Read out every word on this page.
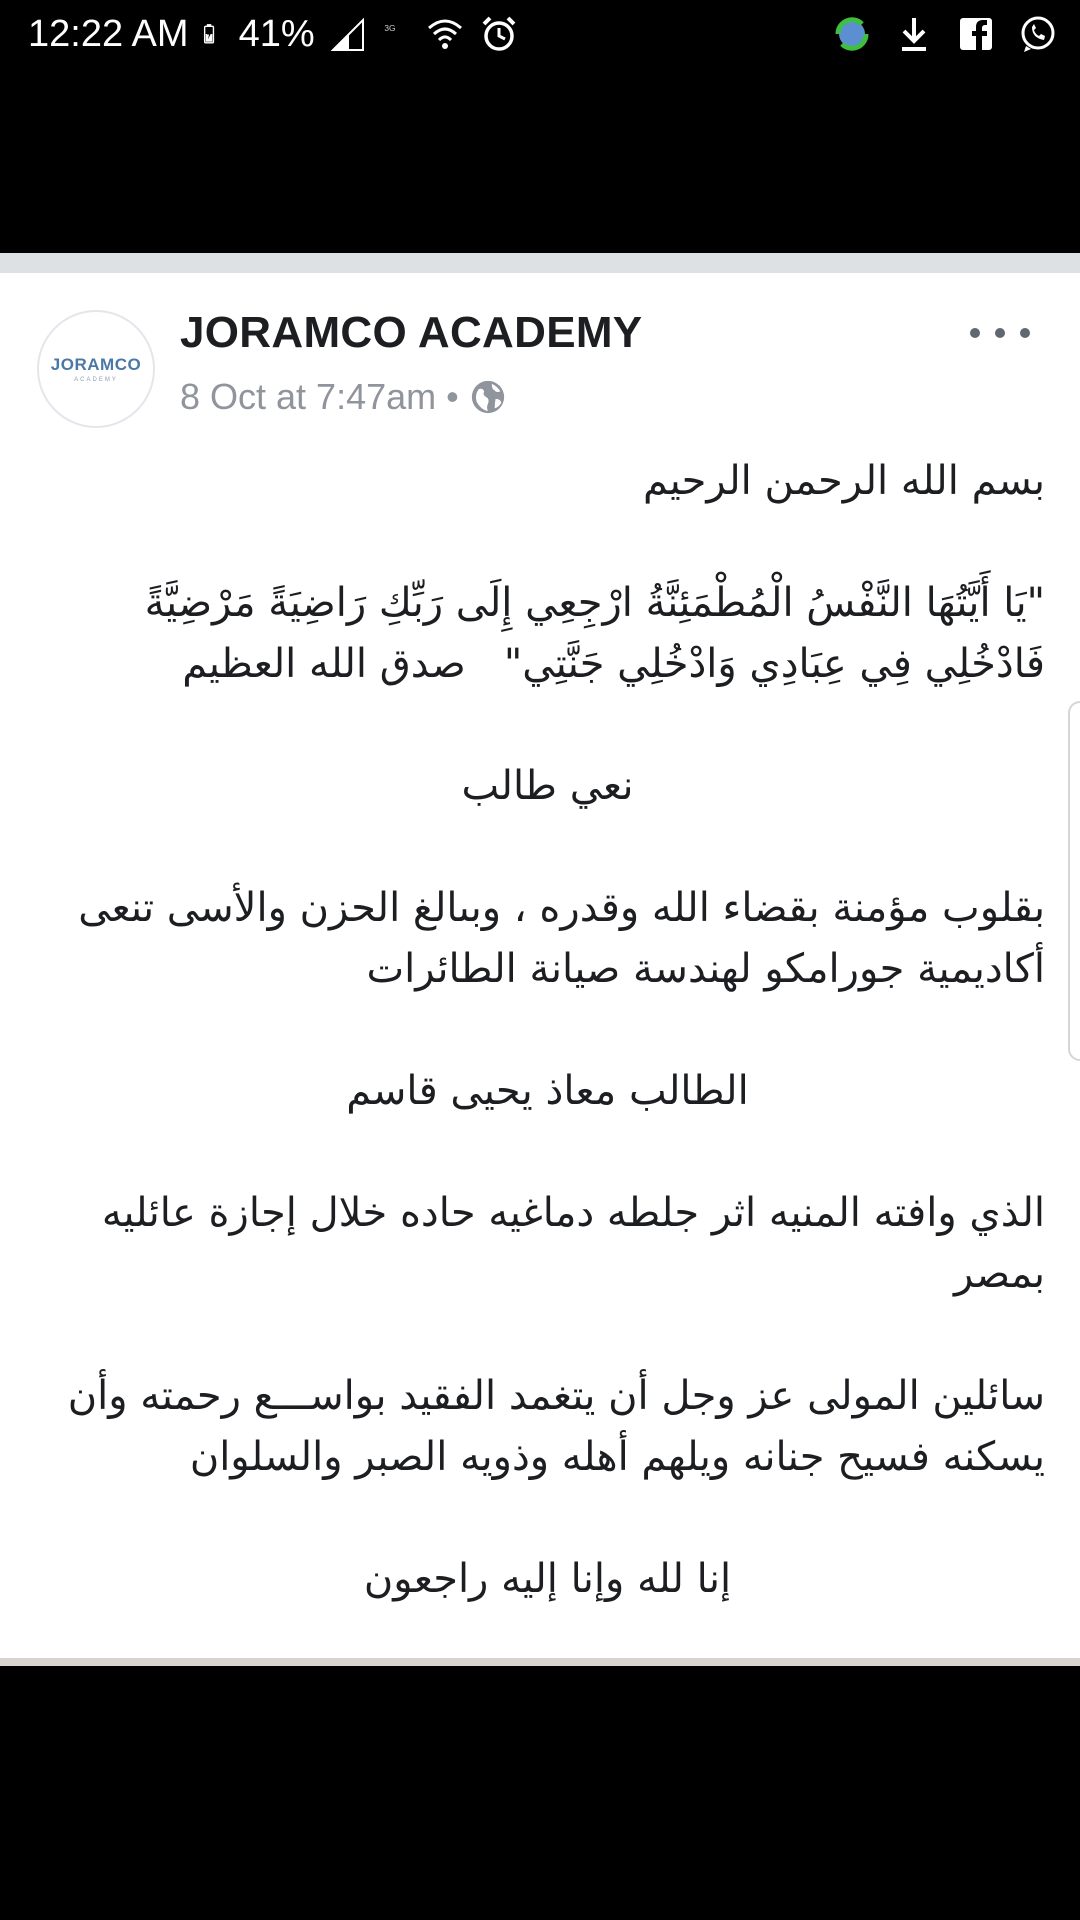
12:22 AM 41%	3G
JORAMCO
ACADEMY
JORAMCO ACADEMY
8 Oct at 7:47am •

بسم الله الرحمن الرحيم

"يَا أَيَّتُهَا النَّفْسُ الْمُطْمَئِنَّةُ ارْجِعِي إِلَى رَبِّكِ رَاضِيَةً مَرْضِيَّةً فَادْخُلِي فِي عِبَادِي وَادْخُلِي جَنَّتِي"   صدق الله العظيم

نعي طالب

بقلوب مؤمنة بقضاء الله وقدره ، وبىالغ الحزن والأسى تنعى أكاديمية جورامكو لهندسة صيانة الطائرات

الطالب معاذ يحيى قاسم

الذي وافته المنيه اثر جلطه دماغيه حاده خلال إجازة عائليه بمصر

سائلين المولى عز وجل أن يتغمد الفقيد بواســـع رحمته وأن يسكنه فسيح جنانه ويلهم أهله وذويه الصبر والسلوان

إنا لله وإنا إليه راجعون
